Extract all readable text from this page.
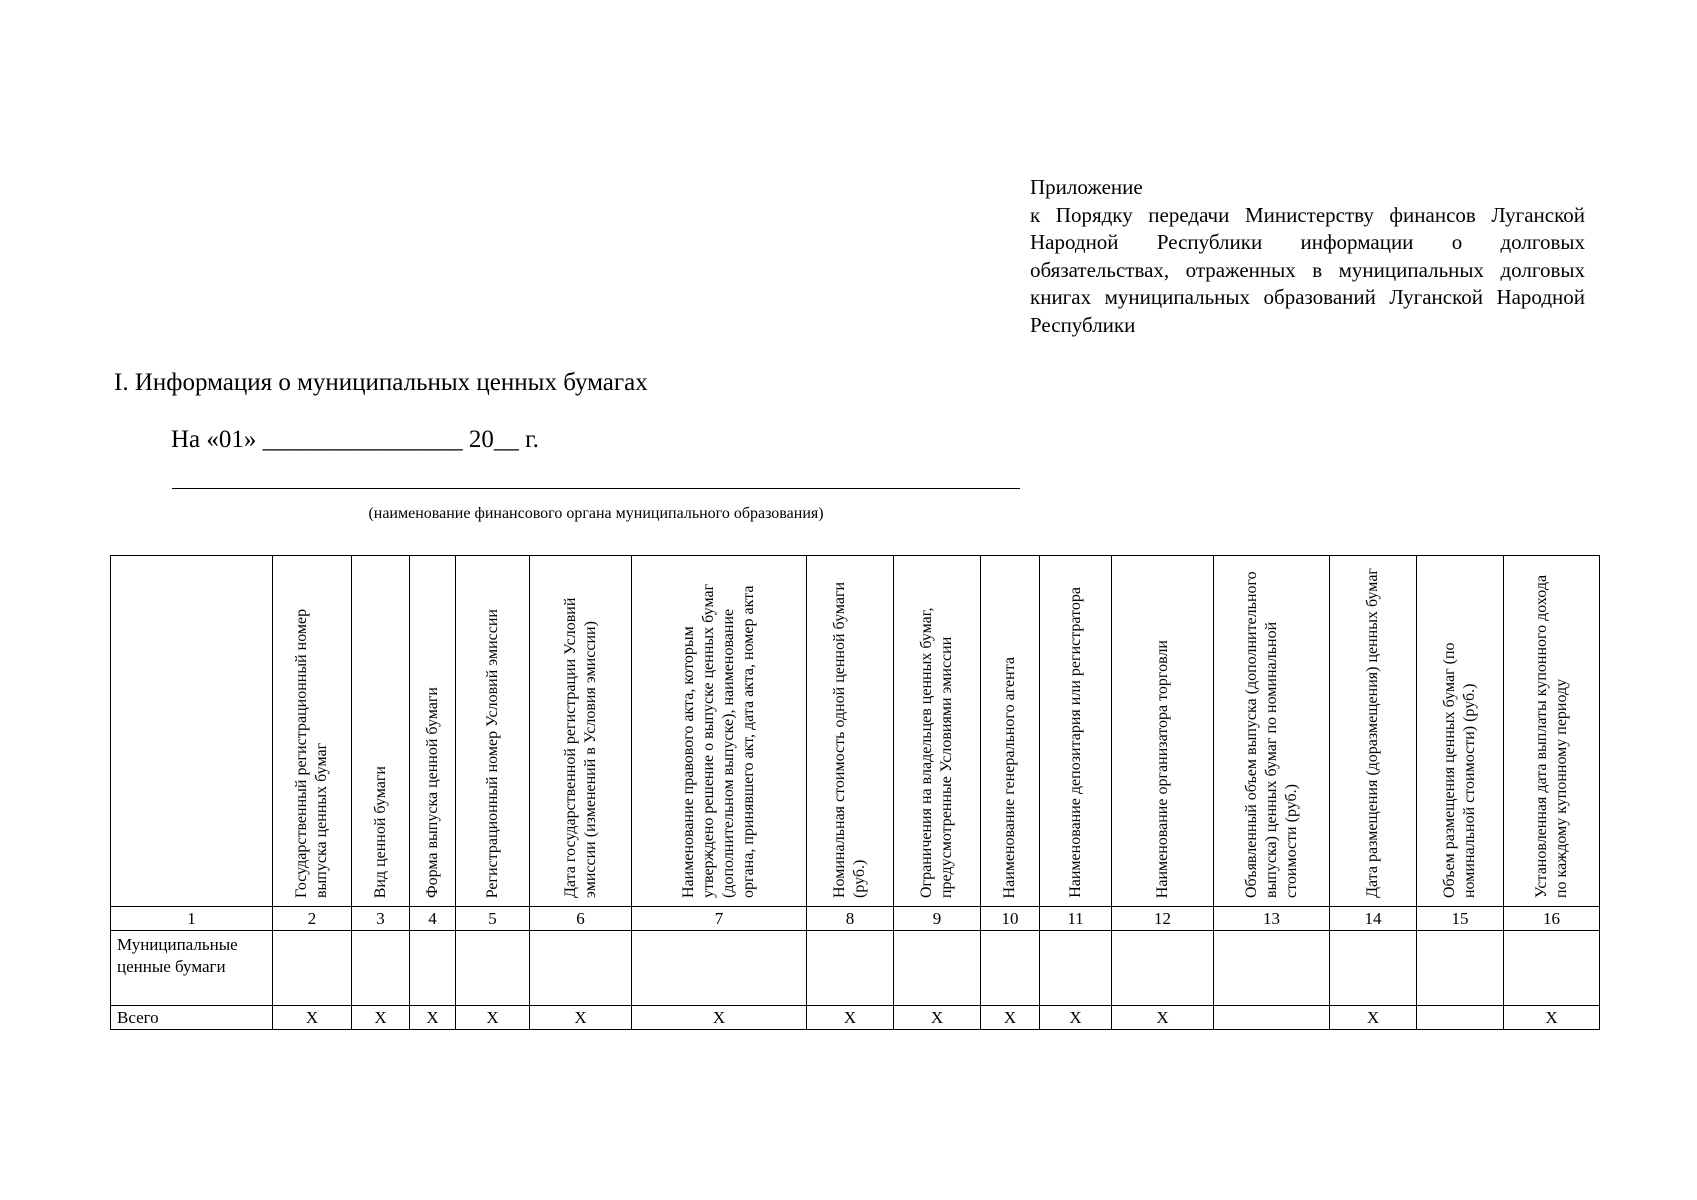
Приложение
к Порядку передачи Министерству финансов Луганской Народной Республики информации о долговых обязательствах, отраженных в муниципальных долговых книгах муниципальных образований Луганской Народной Республики
I. Информация о муниципальных ценных бумагах
На «01» ________________ 20__ г.
(наименование финансового органа муниципального образования)

	Государственный регистрационный номер выпуска ценных бумаг	Вид ценной бумаги	Форма выпуска ценной бумаги	Регистрационный номер Условий эмиссии	Дата государственной регистрации Условий эмиссии (изменений в Условия эмиссии)	Наименование правового акта, которым утверждено решение о выпуске ценных бумаг (дополнительном выпуске), наименование органа, принявшего акт, дата акта, номер акта	Номинальная стоимость одной ценной бумаги (руб.)	Ограничения на владельцев ценных бумаг, предусмотренные Условиями эмиссии	Наименование генерального агента	Наименование депозитария или регистратора	Наименование организатора торговли	Объявленный объем выпуска (дополнительного выпуска) ценных бумаг по номинальной стоимости (руб.)	Дата размещения (доразмещения) ценных бумаг	Объем размещения ценных бумаг (по номинальной стоимости) (руб.)	Установленная дата выплаты купонного дохода по каждому купонному периоду

1	2	3	4	5	6	7	8	9	10	11	12	13	14	15	16
Муниципальные ценные бумаги															
Всего	X	X	X	X	X	X	X	X	X	X	X		X		X
